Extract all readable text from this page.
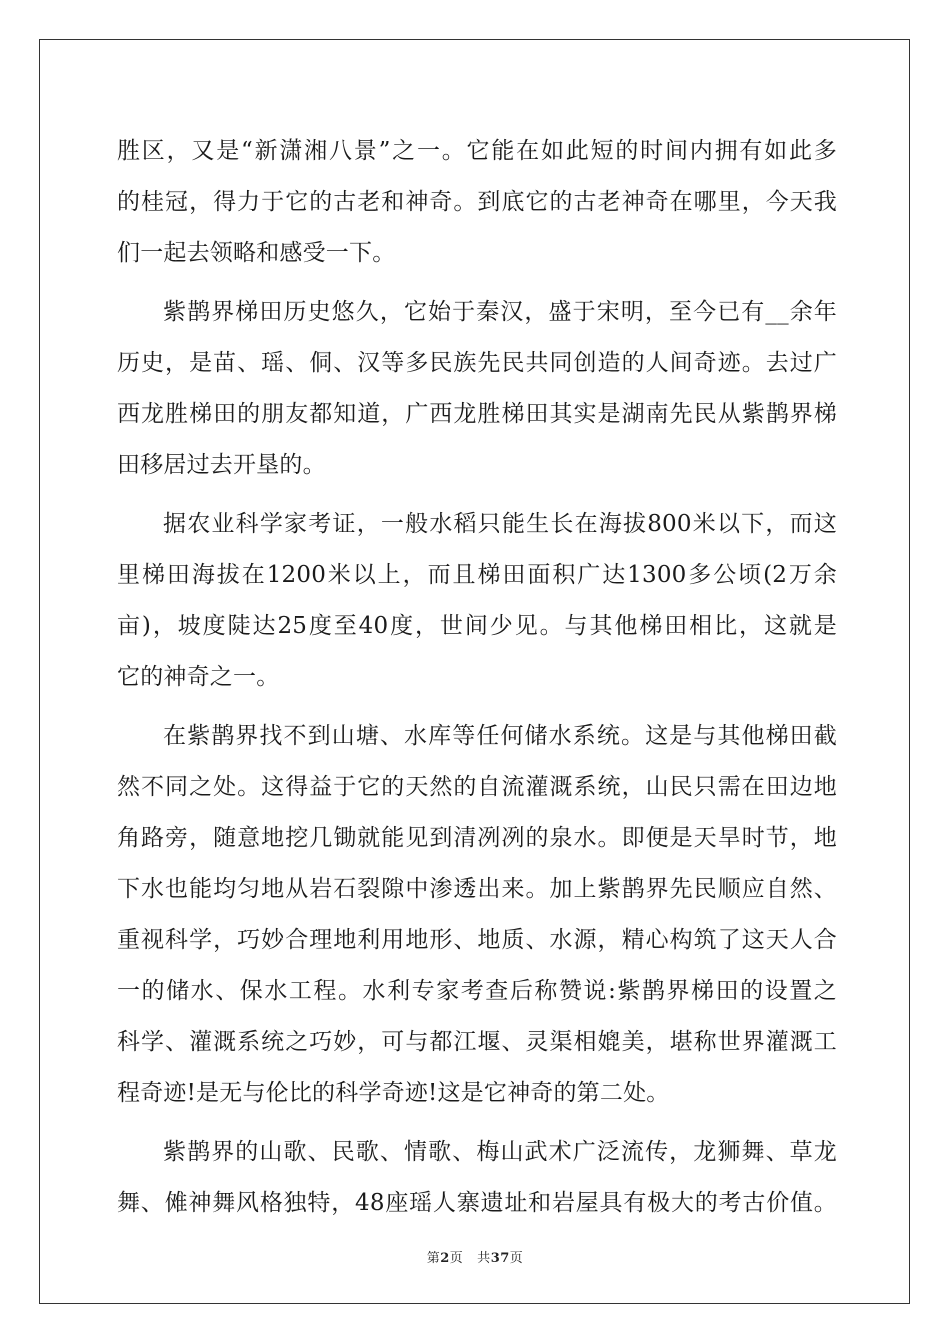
胜区，又是“新潇湘八景”之一。它能在如此短的时间内拥有如此多
的桂冠，得力于它的古老和神奇。到底它的古老神奇在哪里，今天我
们一起去领略和感受一下。
紫鹊界梯田历史悠久，它始于秦汉，盛于宋明，至今已有__余年
历史，是苗、瑶、侗、汉等多民族先民共同创造的人间奇迹。去过广
西龙胜梯田的朋友都知道，广西龙胜梯田其实是湖南先民从紫鹊界梯
田移居过去开垦的。
据农业科学家考证，一般水稻只能生长在海拔800米以下，而这
里梯田海拔在1200米以上，而且梯田面积广达1300多公顷(2万余
亩)，坡度陡达25度至40度，世间少见。与其他梯田相比，这就是
它的神奇之一。
在紫鹊界找不到山塘、水库等任何储水系统。这是与其他梯田截
然不同之处。这得益于它的天然的自流灌溉系统，山民只需在田边地
角路旁，随意地挖几锄就能见到清冽冽的泉水。即便是天旱时节，地
下水也能均匀地从岩石裂隙中渗透出来。加上紫鹊界先民顺应自然、
重视科学，巧妙合理地利用地形、地质、水源，精心构筑了这天人合
一的储水、保水工程。水利专家考查后称赞说:紫鹊界梯田的设置之
科学、灌溉系统之巧妙，可与都江堰、灵渠相媲美，堪称世界灌溉工
程奇迹!是无与伦比的科学奇迹!这是它神奇的第二处。
紫鹊界的山歌、民歌、情歌、梅山武术广泛流传，龙狮舞、草龙
舞、傩神舞风格独特，48座瑶人寨遗址和岩屋具有极大的考古价值。
第2页 共37页
